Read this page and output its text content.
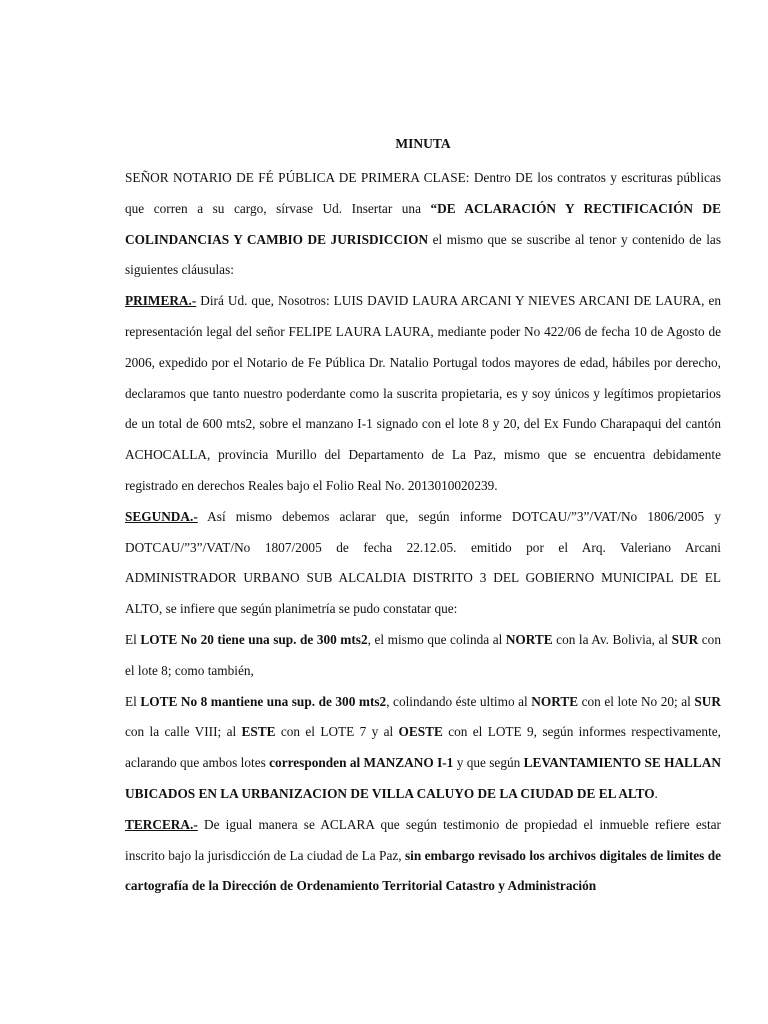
MINUTA

SEÑOR NOTARIO DE FÉ PÚBLICA DE PRIMERA CLASE: Dentro DE los contratos y escrituras públicas que corren a su cargo, sírvase Ud. Insertar una “DE ACLARACIÓN Y RECTIFICACIÓN DE COLINDANCIAS Y CAMBIO DE JURISDICCION el mismo que se suscribe al tenor y contenido de las siguientes cláusulas:

PRIMERA.- Dirá Ud. que, Nosotros: LUIS DAVID LAURA ARCANI Y NIEVES ARCANI DE LAURA, en representación legal del señor FELIPE LAURA LAURA, mediante poder No 422/06 de fecha 10 de Agosto de 2006, expedido por el Notario de Fe Pública Dr. Natalio Portugal todos mayores de edad, hábiles por derecho, declaramos que tanto nuestro poderdante como la suscrita propietaria, es y soy únicos y legítimos propietarios de un total de 600 mts2, sobre el manzano I-1 signado con el lote 8 y 20, del Ex Fundo Charapaqui del cantón ACHOCALLA, provincia Murillo del Departamento de La Paz, mismo que se encuentra debidamente registrado en derechos Reales bajo el Folio Real No. 2013010020239.

SEGUNDA.- Así mismo debemos aclarar que, según informe DOTCAU/”3”/VAT/No 1806/2005 y DOTCAU/”3”/VAT/No 1807/2005 de fecha 22.12.05. emitido por el Arq. Valeriano Arcani ADMINISTRADOR URBANO SUB ALCALDIA DISTRITO 3 DEL GOBIERNO MUNICIPAL DE EL ALTO, se infiere que según planimetría se pudo constatar que:

El LOTE No 20 tiene una sup. de 300 mts2, el mismo que colinda al NORTE con la Av. Bolivia, al SUR con el lote 8; como también,

El LOTE No 8 mantiene una sup. de 300 mts2, colindando éste ultimo al NORTE con el lote No 20; al SUR con la calle VIII; al ESTE con el LOTE 7 y al OESTE con el LOTE 9, según informes respectivamente, aclarando que ambos lotes corresponden al MANZANO I-1 y que según LEVANTAMIENTO SE HALLAN UBICADOS EN LA URBANIZACION DE VILLA CALUYO DE LA CIUDAD DE EL ALTO.

TERCERA.- De igual manera se ACLARA que según testimonio de propiedad el inmueble refiere estar inscrito bajo la jurisdicción de La ciudad de La Paz, sin embargo revisado los archivos digitales de limites de cartografía de la Dirección de Ordenamiento Territorial Catastro y Administración
